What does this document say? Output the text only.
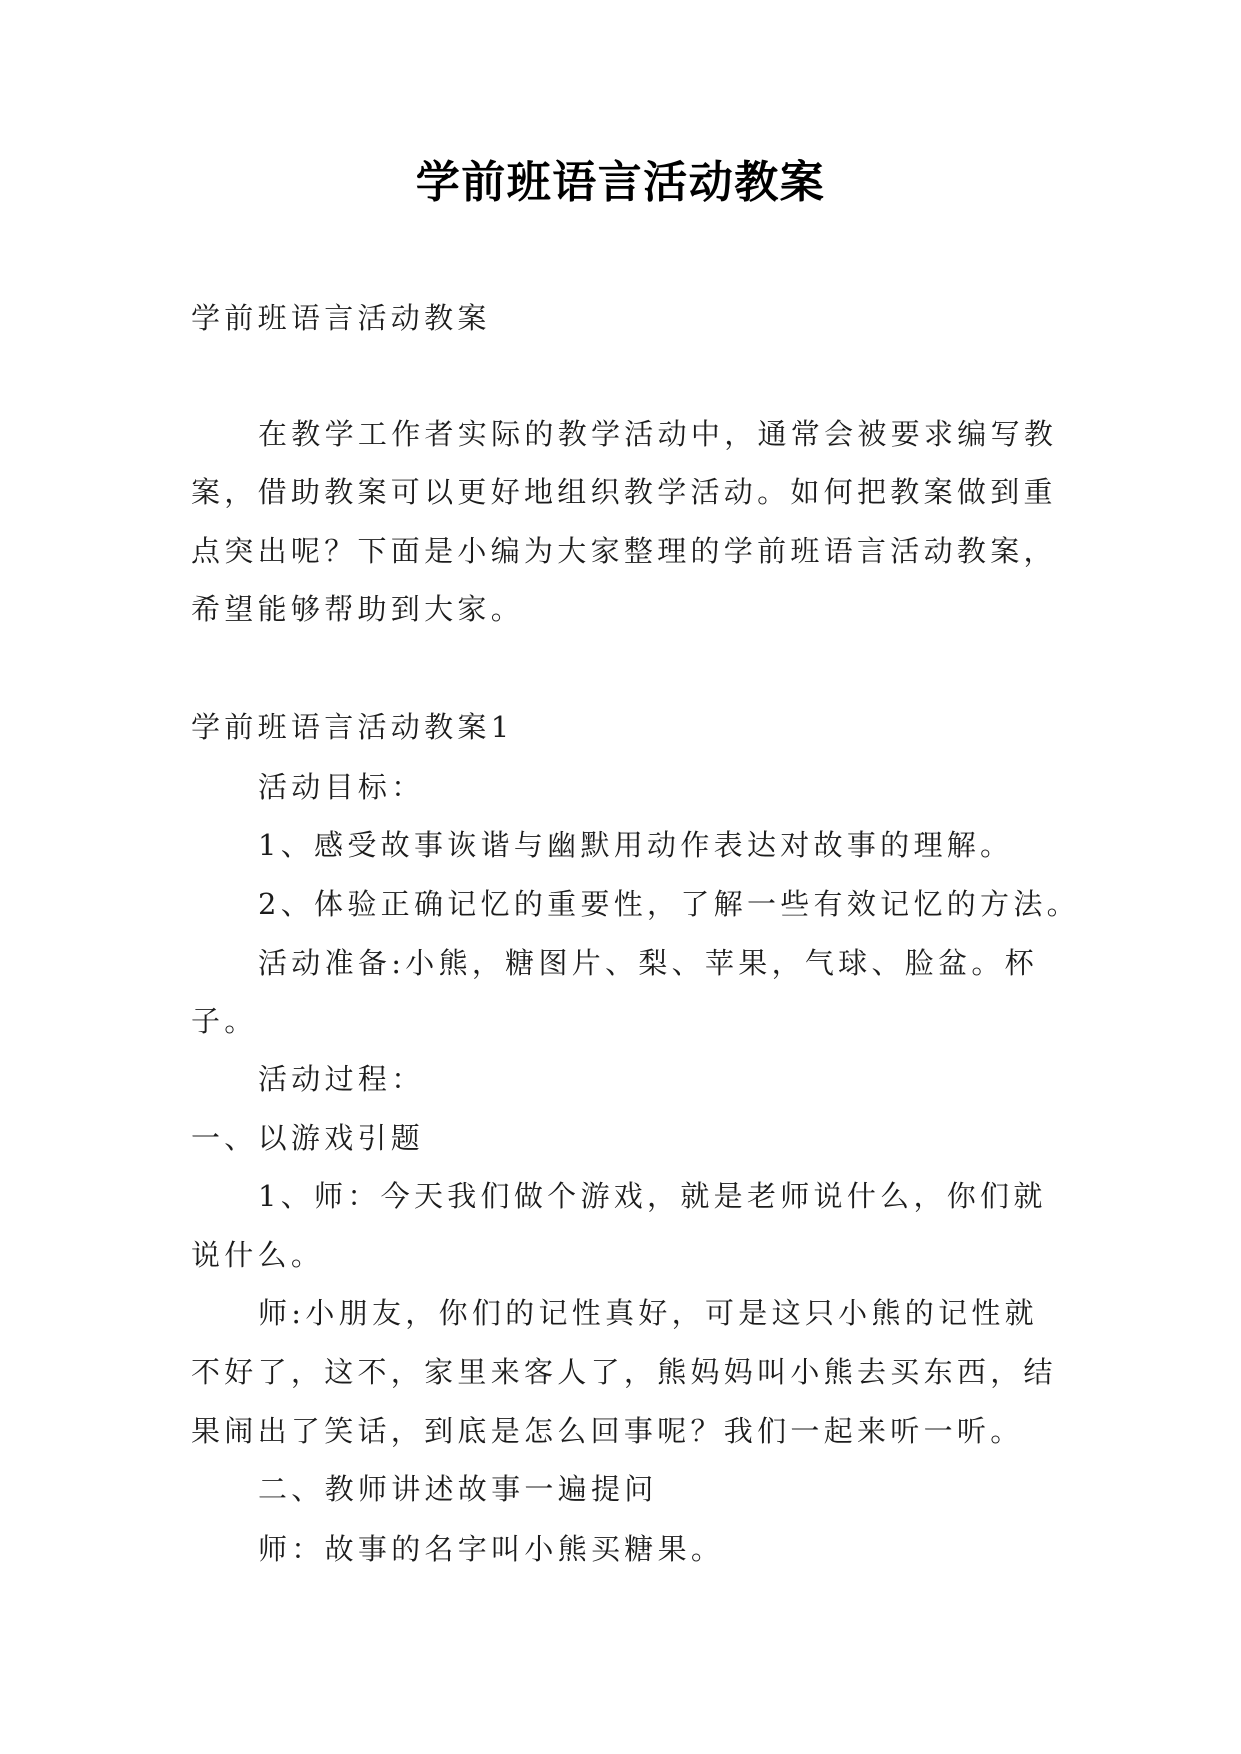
学前班语言活动教案
学前班语言活动教案
在教学工作者实际的教学活动中，通常会被要求编写教
案，借助教案可以更好地组织教学活动。如何把教案做到重
点突出呢？下面是小编为大家整理的学前班语言活动教案，
希望能够帮助到大家。
学前班语言活动教案1
活动目标：
1、感受故事诙谐与幽默用动作表达对故事的理解。
2、体验正确记忆的重要性，了解一些有效记忆的方法。
活动准备:小熊，糖图片、梨、苹果，气球、脸盆。杯
子。
活动过程：
一、以游戏引题
1、师：今天我们做个游戏，就是老师说什么，你们就
说什么。
师:小朋友，你们的记性真好，可是这只小熊的记性就
不好了，这不，家里来客人了，熊妈妈叫小熊去买东西，结
果闹出了笑话，到底是怎么回事呢？我们一起来听一听。
二、教师讲述故事一遍提问
师：故事的名字叫小熊买糖果。
